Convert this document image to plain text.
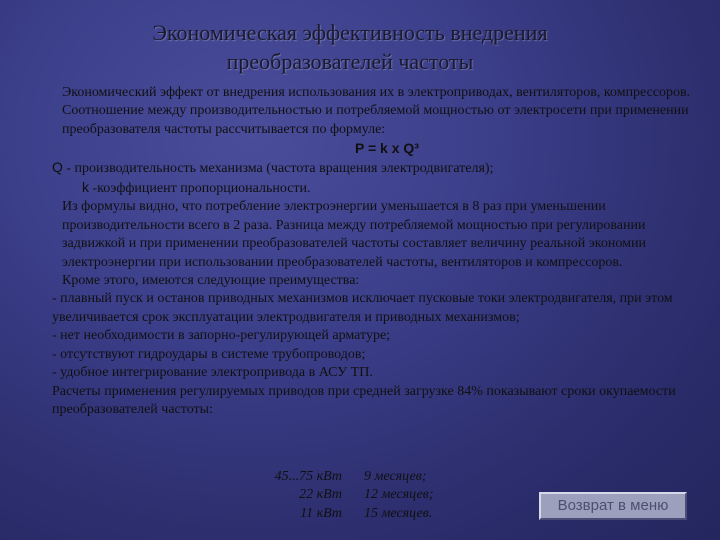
Экономическая эффективность внедрения
преобразователей частоты

Экономический эффект от внедрения использования их в электроприводах, вентиляторов, компрессоров.

Соотношение между производительностью и потребляемой мощностью от электросети при применении преобразователя частоты рассчитывается по формуле:

P = k x Q³

Q - производительность механизма (частота вращения электродвигателя);

k -коэффициент пропорциональности.

Из формулы видно, что потребление электроэнергии уменьшается в 8 раз при уменьшении производительности всего в 2 раза. Разница между потребляемой мощностью при регулировании задвижкой и при применении преобразователей частоты составляет величину реальной экономии электроэнергии при использовании преобразователей частоты, вентиляторов и компрессоров.

Кроме этого, имеются следующие преимущества:

- плавный пуск и останов приводных механизмов исключает пусковые токи электродвигателя, при этом увеличивается срок эксплуатации электродвигателя и приводных механизмов;

- нет необходимости в запорно-регулирующей арматуре;

- отсутствуют гидроудары в системе трубопроводов;

- удобное интегрирование электропривода в АСУ ТП.

Расчеты применения регулируемых приводов при средней загрузке 84% показывают сроки окупаемости преобразователей частоты:

45...75 кВт	9 месяцев;
22 кВт	12 месяцев;
11 кВт	15 месяцев.	Возврат в меню
